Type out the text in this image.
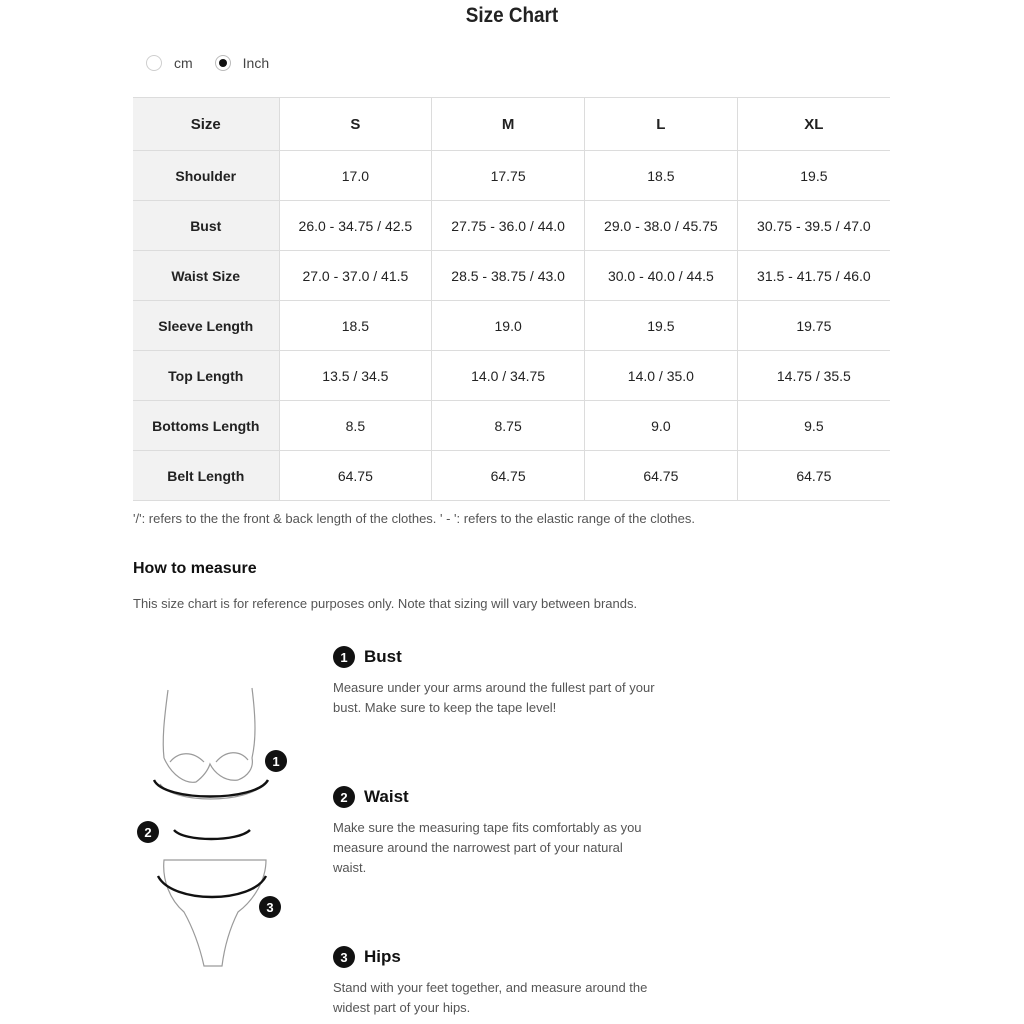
Size Chart
cm	Inch
Size	S	M	L	XL
Shoulder	17.0	17.75	18.5	19.5
Bust	26.0 - 34.75 / 42.5	27.75 - 36.0 / 44.0	29.0 - 38.0 / 45.75	30.75 - 39.5 / 47.0
Waist Size	27.0 - 37.0 / 41.5	28.5 - 38.75 / 43.0	30.0 - 40.0 / 44.5	31.5 - 41.75 / 46.0
Sleeve Length	18.5	19.0	19.5	19.75
Top Length	13.5 / 34.5	14.0 / 34.75	14.0 / 35.0	14.75 / 35.5
Bottoms Length	8.5	8.75	9.0	9.5
Belt Length	64.75	64.75	64.75	64.75
'/': refers to the the front & back length of the clothes. ' - ': refers to the elastic range of the clothes.
How to measure
This size chart is for reference purposes only. Note that sizing will vary between brands.
1
2
3
1 Bust
Measure under your arms around the fullest part of your bust. Make sure to keep the tape level!
2 Waist
Make sure the measuring tape fits comfortably as you measure around the narrowest part of your natural waist.
3 Hips
Stand with your feet together, and measure around the widest part of your hips.
